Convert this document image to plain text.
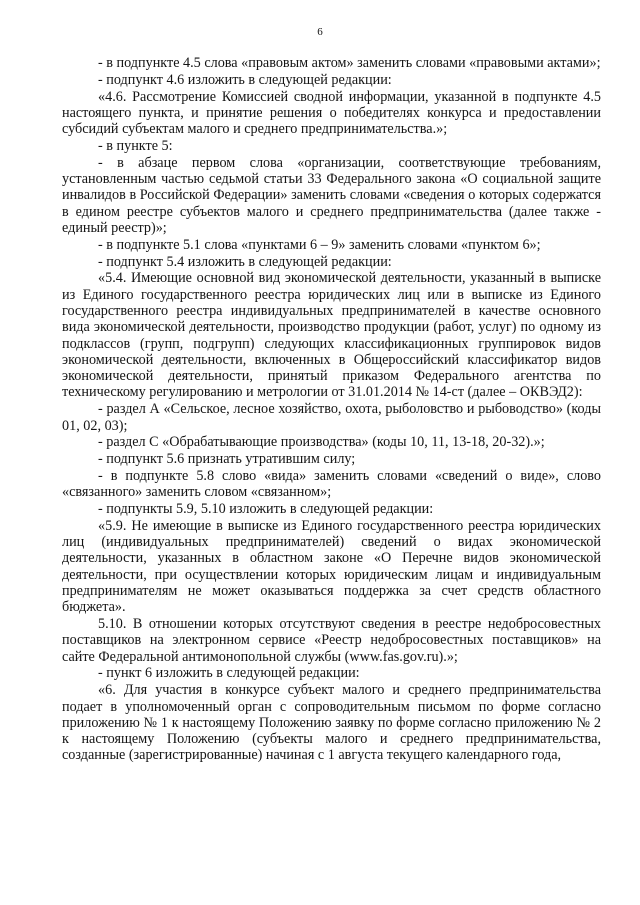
6

- в подпункте 4.5 слова «правовым актом» заменить словами «правовыми актами»;

- подпункт 4.6 изложить в следующей редакции:

«4.6. Рассмотрение Комиссией сводной информации, указанной в подпункте 4.5 настоящего пункта, и принятие решения о победителях конкурса и предоставлении субсидий субъектам малого и среднего предпринимательства.»;

- в пункте 5:

- в абзаце первом слова «организации, соответствующие требованиям, установленным частью седьмой статьи 33 Федерального закона «О социальной защите инвалидов в Российской Федерации» заменить словами «сведения о которых содержатся в едином реестре субъектов малого и среднего предпринимательства (далее также - единый реестр)»;

- в подпункте 5.1 слова «пунктами 6 – 9» заменить словами «пунктом 6»;

- подпункт 5.4 изложить в следующей редакции:

«5.4. Имеющие основной вид экономической деятельности, указанный в выписке из Единого государственного реестра юридических лиц или в выписке из Единого государственного реестра индивидуальных предпринимателей в качестве основного вида экономической деятельности, производство продукции (работ, услуг) по одному из подклассов (групп, подгрупп) следующих классификационных группировок видов экономической деятельности, включенных в Общероссийский классификатор видов экономической деятельности, принятый приказом Федерального агентства по техническому регулированию и метрологии от 31.01.2014 № 14-ст (далее – ОКВЭД2):

- раздел А «Сельское, лесное хозяйство, охота, рыболовство и рыбоводство» (коды 01, 02, 03);

- раздел С «Обрабатывающие производства» (коды 10, 11, 13-18, 20-32).»;

- подпункт 5.6 признать утратившим силу;

- в подпункте 5.8 слово «вида» заменить словами «сведений о виде», слово «связанного» заменить словом «связанном»;

- подпункты 5.9, 5.10 изложить в следующей редакции:

«5.9. Не имеющие в выписке из Единого государственного реестра юридических лиц (индивидуальных предпринимателей) сведений о видах экономической деятельности, указанных в областном законе «О Перечне видов экономической деятельности, при осуществлении которых юридическим лицам и индивидуальным предпринимателям не может оказываться поддержка за счет средств областного бюджета».

5.10. В отношении которых отсутствуют сведения в реестре недобросовестных поставщиков на электронном сервисе «Реестр недобросовестных поставщиков» на сайте Федеральной антимонопольной службы (www.fas.gov.ru).»;

- пункт 6 изложить в следующей редакции:

«6. Для участия в конкурсе субъект малого и среднего предпринимательства подает в уполномоченный орган с сопроводительным письмом по форме согласно приложению № 1 к настоящему Положению заявку по форме согласно приложению № 2 к настоящему Положению (субъекты малого и среднего предпринимательства, созданные (зарегистрированные) начиная с 1 августа текущего календарного года,
